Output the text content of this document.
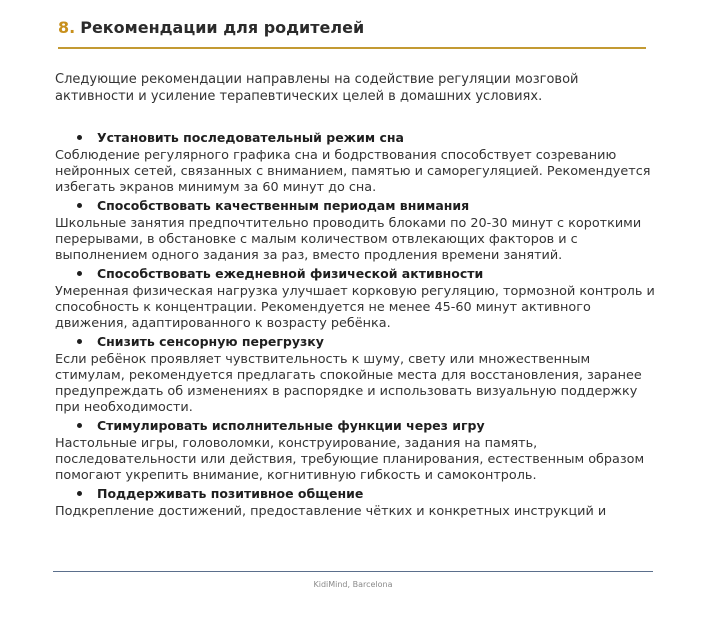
8. Рекомендации для родителей

Следующие рекомендации направлены на содействие регуляции мозговой активности и усиление терапевтических целей в домашних условиях.

Установить последовательный режим сна
Соблюдение регулярного графика сна и бодрствования способствует созреванию нейронных сетей, связанных с вниманием, памятью и саморегуляцией. Рекомендуется избегать экранов минимум за 60 минут до сна.
Способствовать качественным периодам внимания
Школьные занятия предпочтительно проводить блоками по 20-30 минут с короткими перерывами, в обстановке с малым количеством отвлекающих факторов и с выполнением одного задания за раз, вместо продления времени занятий.
Способствовать ежедневной физической активности
Умеренная физическая нагрузка улучшает корковую регуляцию, тормозной контроль и способность к концентрации. Рекомендуется не менее 45-60 минут активного движения, адаптированного к возрасту ребёнка.
Снизить сенсорную перегрузку
Если ребёнок проявляет чувствительность к шуму, свету или множественным стимулам, рекомендуется предлагать спокойные места для восстановления, заранее предупреждать об изменениях в распорядке и использовать визуальную поддержку при необходимости.
Стимулировать исполнительные функции через игру
Настольные игры, головоломки, конструирование, задания на память, последовательности или действия, требующие планирования, естественным образом помогают укрепить внимание, когнитивную гибкость и самоконтроль.
Поддерживать позитивное общение
Подкрепление достижений, предоставление чётких и конкретных инструкций и
KidiMind, Barcelona
